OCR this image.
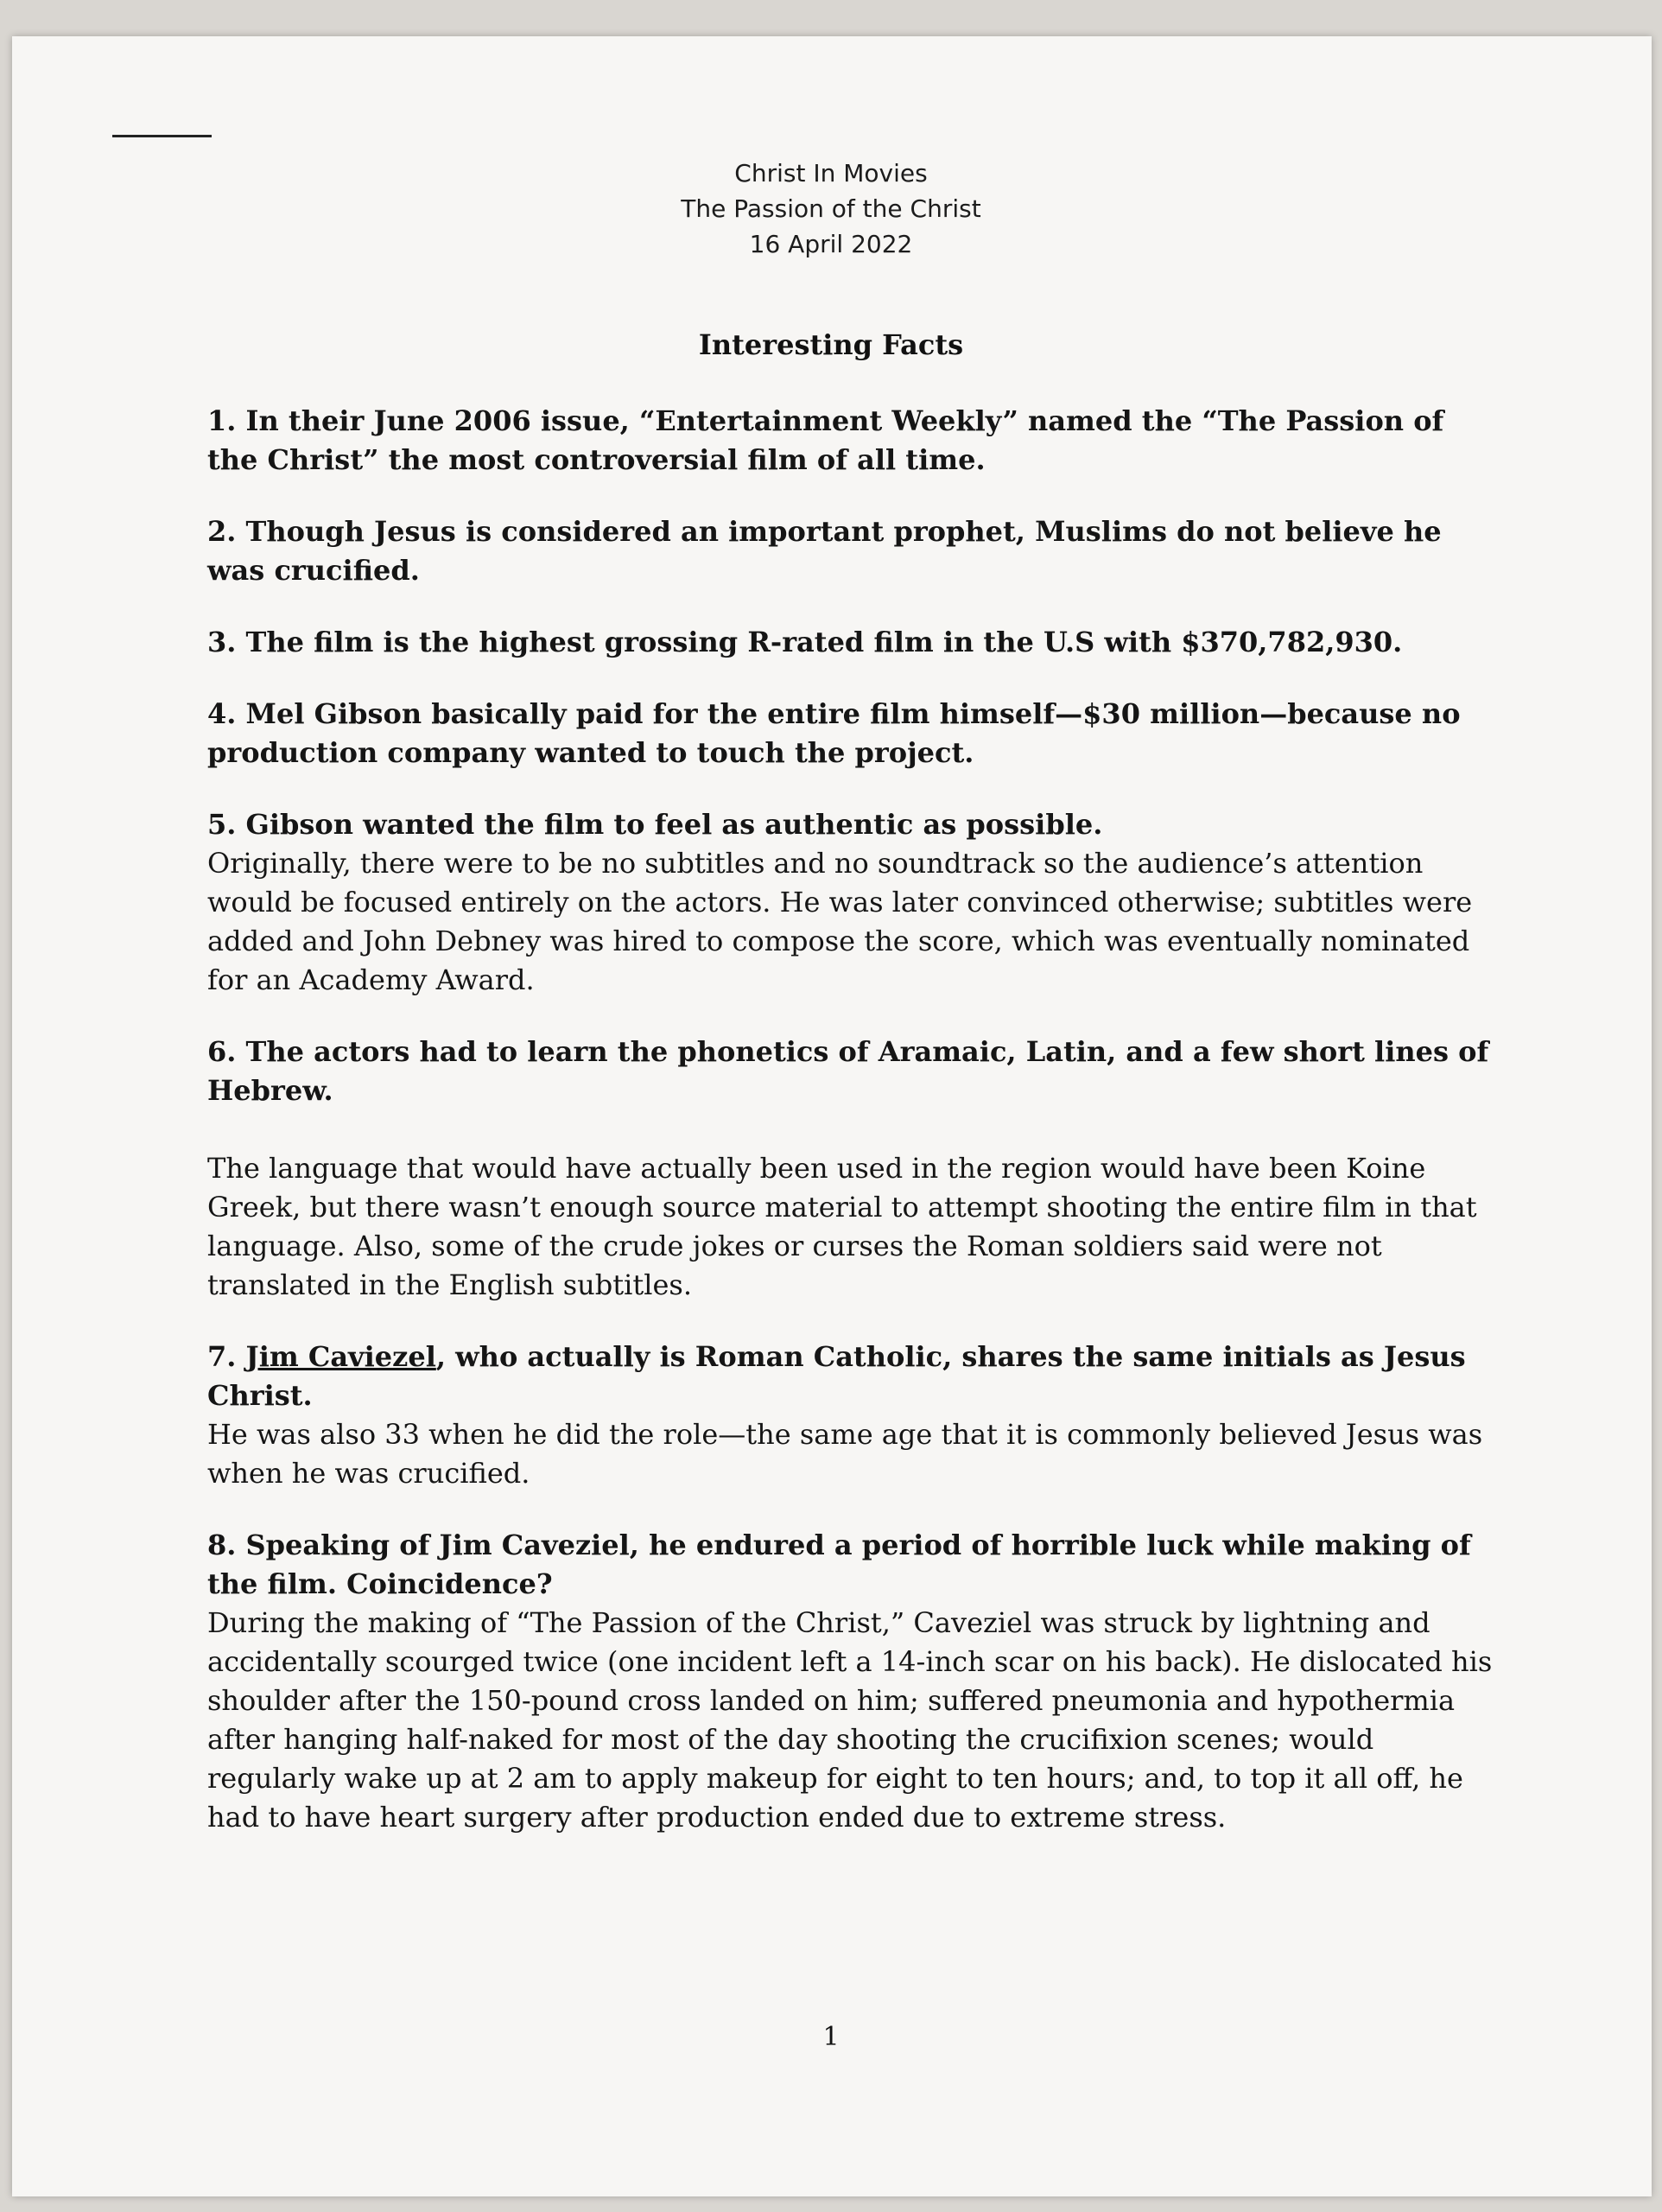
Christ In Movies
The Passion of the Christ
16 April 2022
Interesting Facts

1. In their June 2006 issue, “Entertainment Weekly” named the “The Passion of the Christ” the most controversial film of all time.

2. Though Jesus is considered an important prophet, Muslims do not believe he was crucified.

3. The film is the highest grossing R-rated film in the U.S with $370,782,930.

4. Mel Gibson basically paid for the entire film himself—$30 million—because no production company wanted to touch the project.

5. Gibson wanted the film to feel as authentic as possible.

Originally, there were to be no subtitles and no soundtrack so the audience’s attention would be focused entirely on the actors. He was later convinced otherwise; subtitles were added and John Debney was hired to compose the score, which was eventually nominated for an Academy Award.

6. The actors had to learn the phonetics of Aramaic, Latin, and a few short lines of Hebrew.

The language that would have actually been used in the region would have been Koine Greek, but there wasn’t enough source material to attempt shooting the entire film in that language. Also, some of the crude jokes or curses the Roman soldiers said were not translated in the English subtitles.

7. Jim Caviezel, who actually is Roman Catholic, shares the same initials as Jesus Christ.

He was also 33 when he did the role—the same age that it is commonly believed Jesus was when he was crucified.

8. Speaking of Jim Caveziel, he endured a period of horrible luck while making of the film. Coincidence?

During the making of “The Passion of the Christ,” Caveziel was struck by lightning and accidentally scourged twice (one incident left a 14-inch scar on his back). He dislocated his shoulder after the 150-pound cross landed on him; suffered pneumonia and hypothermia after hanging half-naked for most of the day shooting the crucifixion scenes; would regularly wake up at 2 am to apply makeup for eight to ten hours; and, to top it all off, he had to have heart surgery after production ended due to extreme stress.

1
